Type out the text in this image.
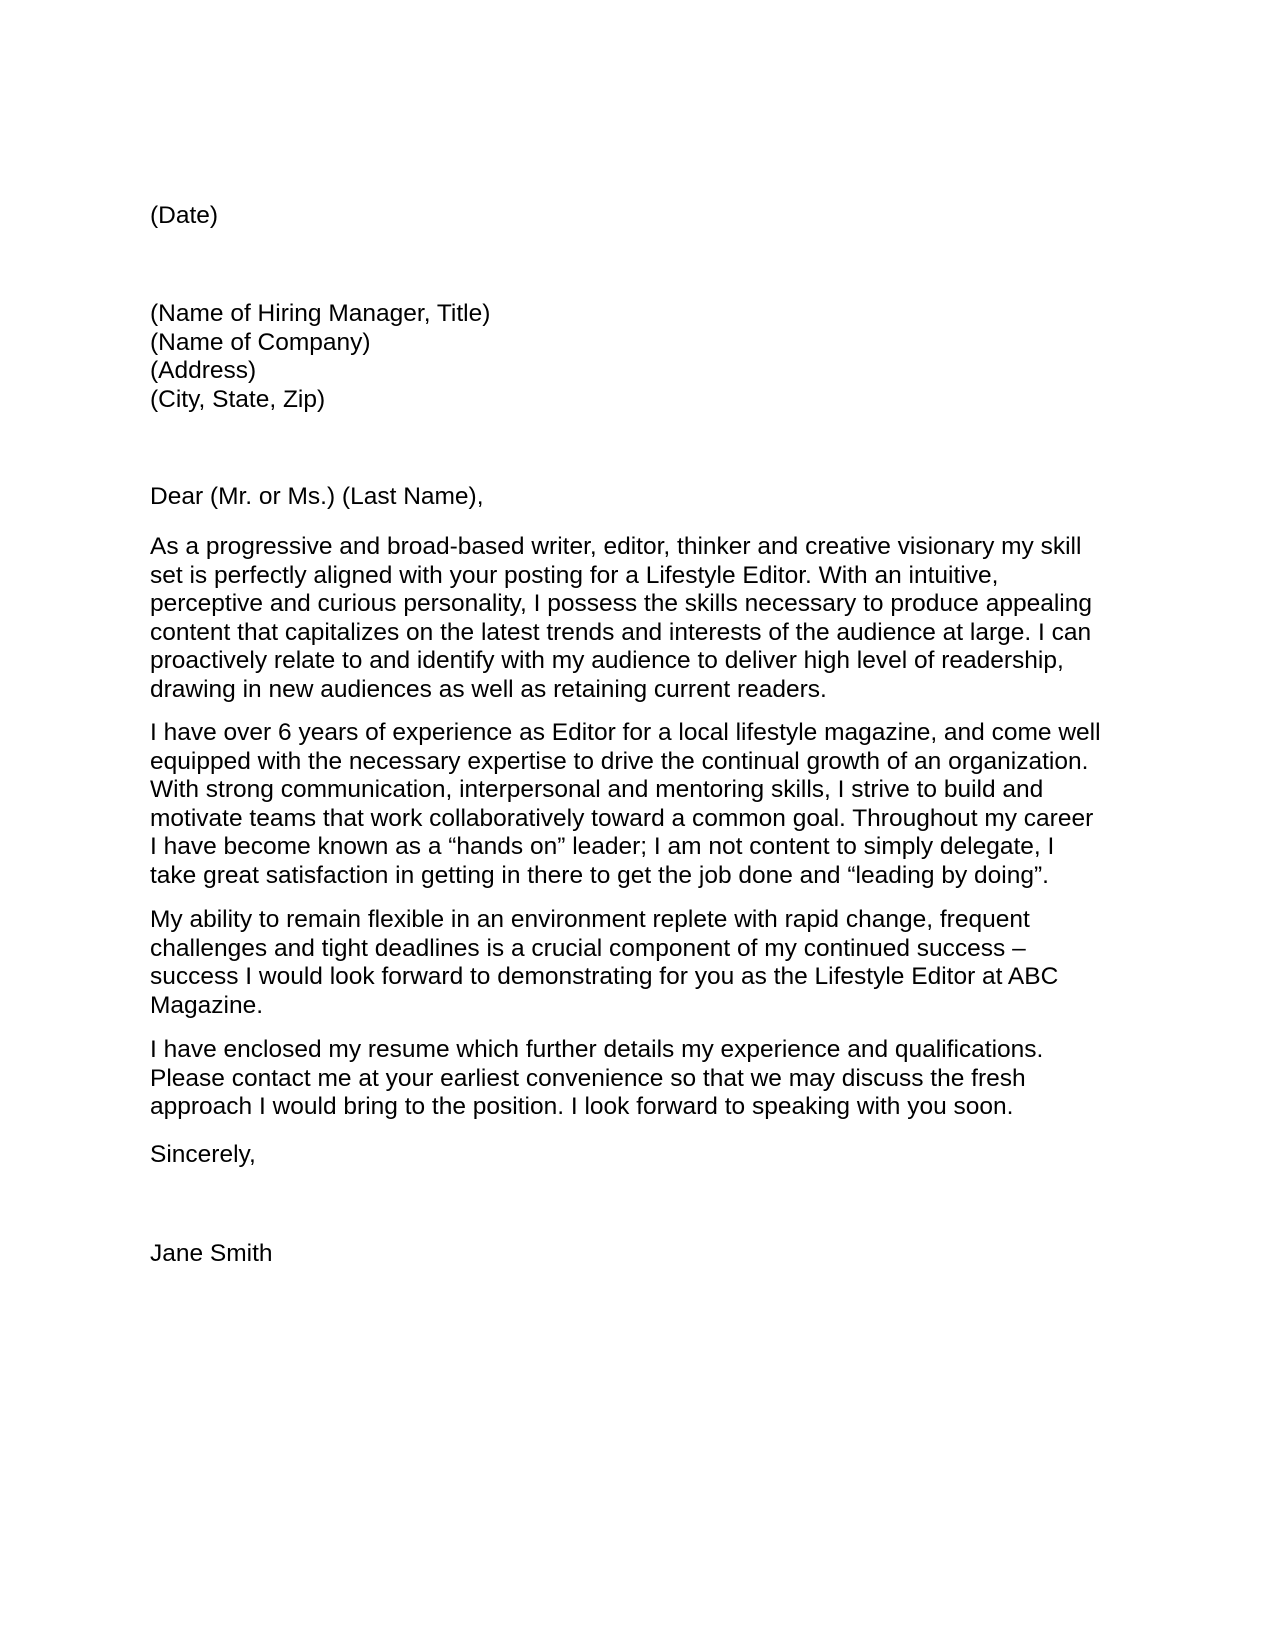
(Date)
(Name of Hiring Manager, Title)
(Name of Company)
(Address)
(City, State, Zip)
Dear (Mr. or Ms.) (Last Name),
As a progressive and broad-based writer, editor, thinker and creative visionary my skill
set is perfectly aligned with your posting for a Lifestyle Editor. With an intuitive,
perceptive and curious personality, I possess the skills necessary to produce appealing
content that capitalizes on the latest trends and interests of the audience at large. I can
proactively relate to and identify with my audience to deliver high level of readership,
drawing in new audiences as well as retaining current readers.
I have over 6 years of experience as Editor for a local lifestyle magazine, and come well
equipped with the necessary expertise to drive the continual growth of an organization.
With strong communication, interpersonal and mentoring skills, I strive to build and
motivate teams that work collaboratively toward a common goal. Throughout my career
I have become known as a “hands on” leader; I am not content to simply delegate, I
take great satisfaction in getting in there to get the job done and “leading by doing”.
My ability to remain flexible in an environment replete with rapid change, frequent
challenges and tight deadlines is a crucial component of my continued success –
success I would look forward to demonstrating for you as the Lifestyle Editor at ABC
Magazine.
I have enclosed my resume which further details my experience and qualifications.
Please contact me at your earliest convenience so that we may discuss the fresh
approach I would bring to the position. I look forward to speaking with you soon.
Sincerely,
Jane Smith
